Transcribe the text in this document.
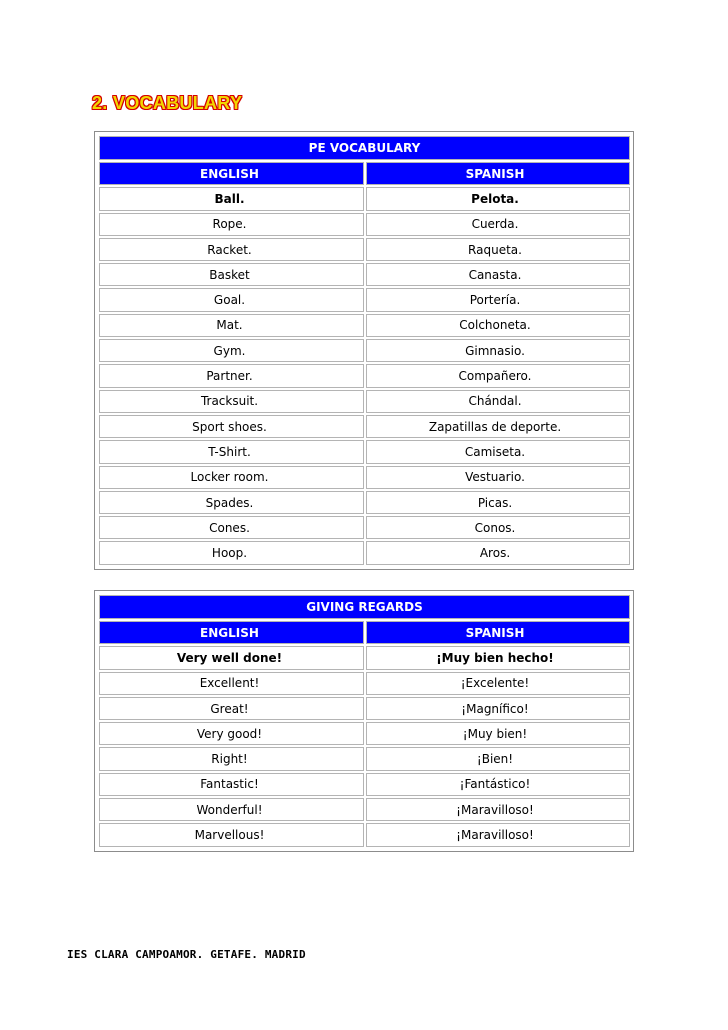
2. VOCABULARY
PE VOCABULARY
ENGLISH	SPANISH
Ball.	Pelota.
Rope.	Cuerda.
Racket.	Raqueta.
Basket	Canasta.
Goal.	Portería.
Mat.	Colchoneta.
Gym.	Gimnasio.
Partner.	Compañero.
Tracksuit.	Chándal.
Sport shoes.	Zapatillas de deporte.
T-Shirt.	Camiseta.
Locker room.	Vestuario.
Spades.	Picas.
Cones.	Conos.
Hoop.	Aros.
GIVING REGARDS
ENGLISH	SPANISH
Very well done!	¡Muy bien hecho!
Excellent!	¡Excelente!
Great!	¡Magnífico!
Very good!	¡Muy bien!
Right!	¡Bien!
Fantastic!	¡Fantástico!
Wonderful!	¡Maravilloso!
Marvellous!	¡Maravilloso!
IES CLARA CAMPOAMOR. GETAFE. MADRID
